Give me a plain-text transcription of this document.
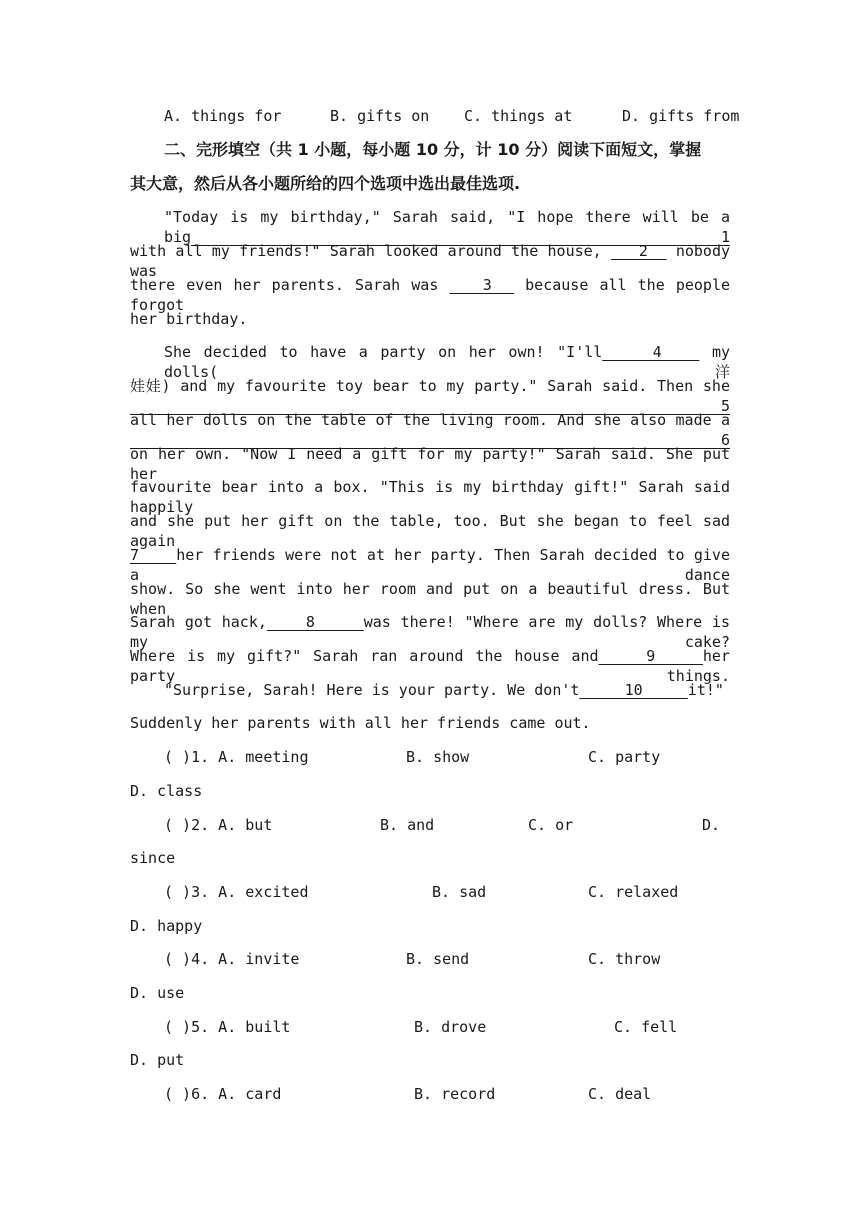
A. things for	B. gifts on C. things at	D. gifts from
二、完形填空（共 1 小题，每小题 10 分，计 10 分）阅读下面短文，掌握
其大意，然后从各小题所给的四个选项中选出最佳选项.
"Today is my birthday," Sarah said, "I hope there will be a big  1
with all my friends!" Sarah looked around the house,    2   nobody was
there even her parents. Sarah was    3   because all the people forgot
her birthday.
She decided to have a party on her own! "I'll    4    my dolls(洋
娃娃) and my favourite toy bear to my party." Sarah said. Then she  5
all her dolls on the table of the living room. And she also made a   6
on her own. "Now I need a gift for my party!" Sarah said. She put her
favourite bear into a box. "This is my birthday gift!" Sarah said happily
and she put her gift on the table, too. But she began to feel sad again
7    her friends were not at her party. Then Sarah decided to give a dance
show. So she went into her room and put on a beautiful dress. But when
Sarah got hack,    8     was there! "Where are my dolls? Where is my cake?
Where is my gift?" Sarah ran around the house and    9    her party things.
"Surprise, Sarah! Here is your party. We don't     10     it!"
Suddenly her parents with all her friends came out.
( )1. A. meeting	B. show	C. party
D. class
( )2. A. but	B. and	C. or	D.
since
( )3. A. excited	B. sad	C. relaxed
D. happy
( )4. A. invite	B. send	C. throw
D. use
( )5. A. built	B. drove	C. fell
D. put
( )6. A. card	B. record	C. deal
